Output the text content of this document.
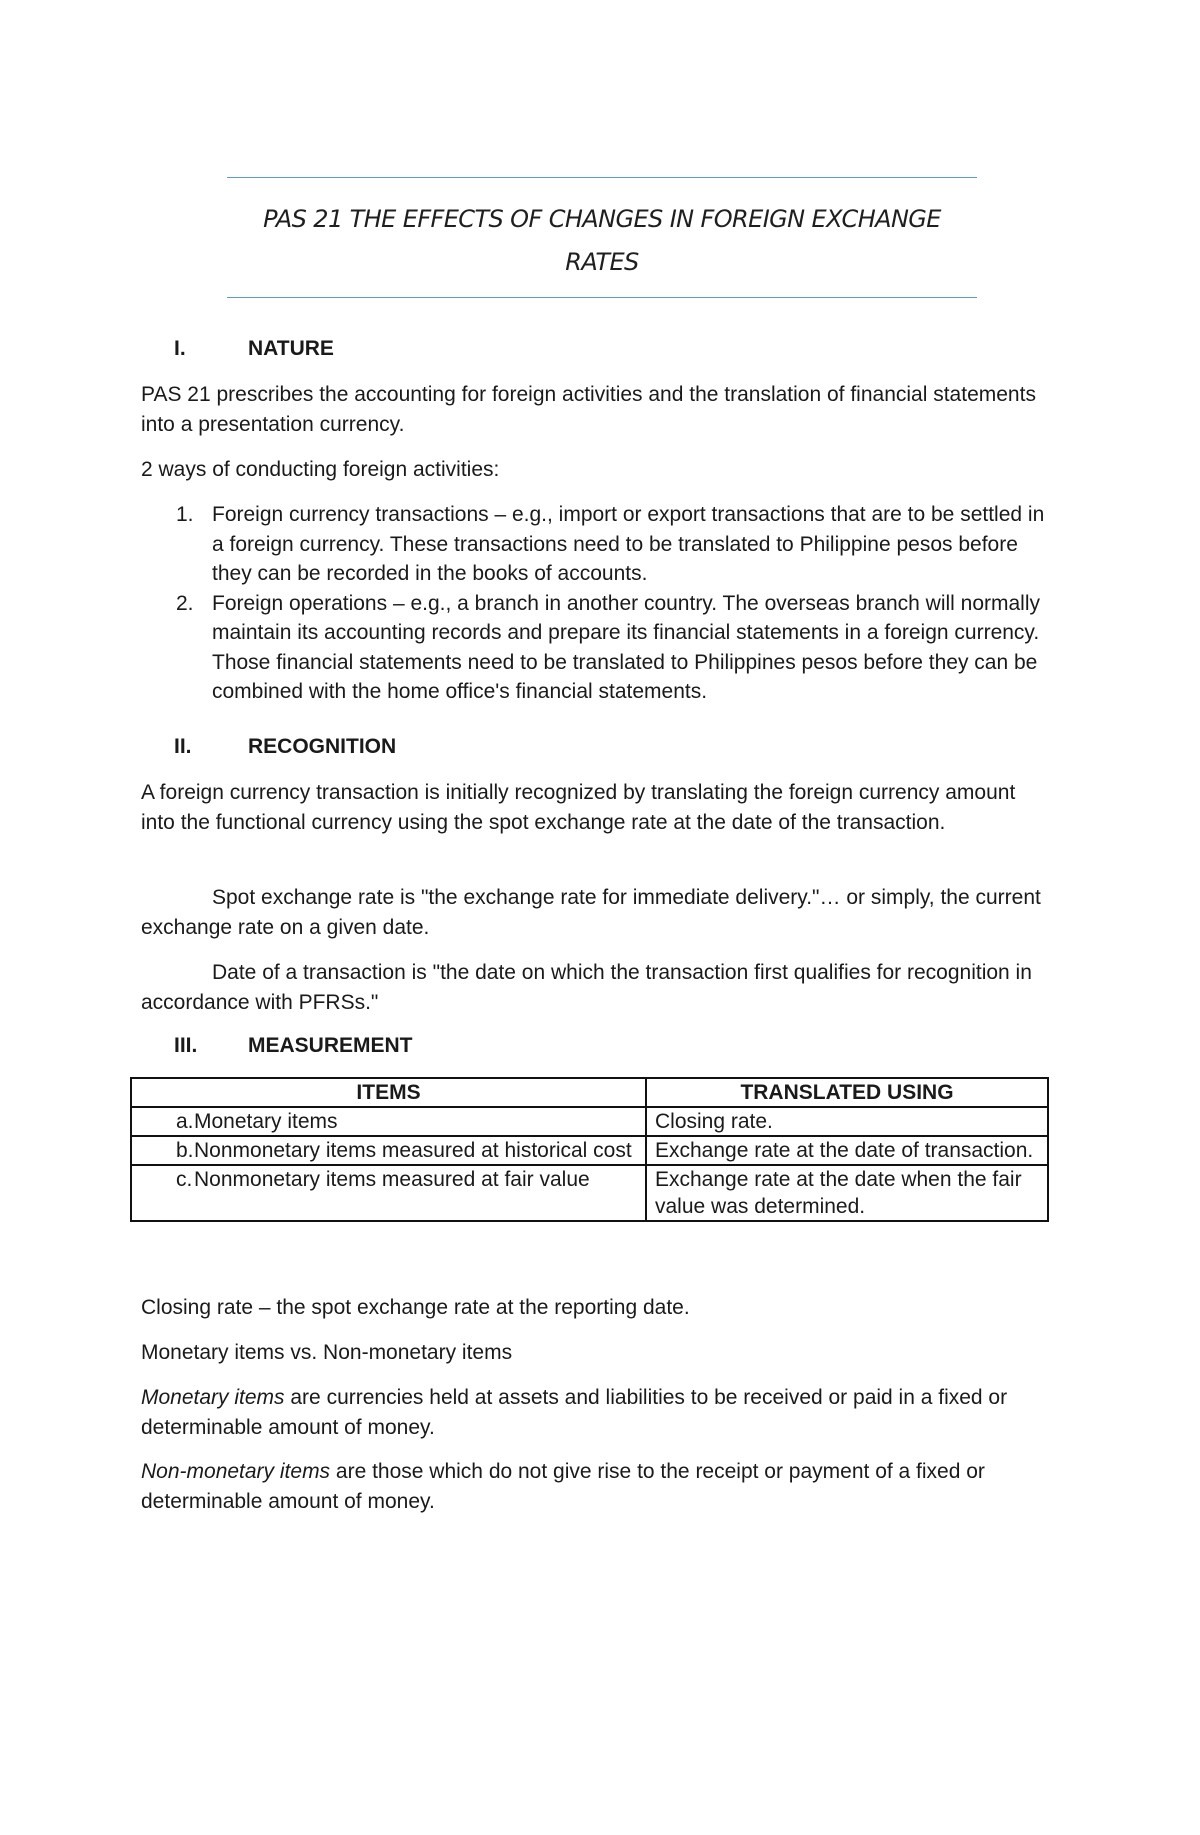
PAS 21 THE EFFECTS OF CHANGES IN FOREIGN EXCHANGE RATES
I.	NATURE

PAS 21 prescribes the accounting for foreign activities and the translation of financial statements into a presentation currency.

2 ways of conducting foreign activities:

1. Foreign currency transactions – e.g., import or export transactions that are to be settled in a foreign currency. These transactions need to be translated to Philippine pesos before they can be recorded in the books of accounts.
2. Foreign operations – e.g., a branch in another country. The overseas branch will normally maintain its accounting records and prepare its financial statements in a foreign currency. Those financial statements need to be translated to Philippines pesos before they can be combined with the home office's financial statements.
II.	RECOGNITION

A foreign currency transaction is initially recognized by translating the foreign currency amount into the functional currency using the spot exchange rate at the date of the transaction.

Spot exchange rate is "the exchange rate for immediate delivery."… or simply, the current exchange rate on a given date.

Date of a transaction is "the date on which the transaction first qualifies for recognition in accordance with PFRSs."

III. MEASUREMENT
ITEMS	TRANSLATED USING

a. Monetary items	Closing rate.

b. Nonmonetary items measured at historical cost	Exchange rate at the date of transaction.

c. Nonmonetary items measured at fair value	Exchange rate at the date when the fair value was determined.

Closing rate – the spot exchange rate at the reporting date.

Monetary items vs. Non-monetary items

Monetary items are currencies held at assets and liabilities to be received or paid in a fixed or determinable amount of money.

Non-monetary items are those which do not give rise to the receipt or payment of a fixed or determinable amount of money.
